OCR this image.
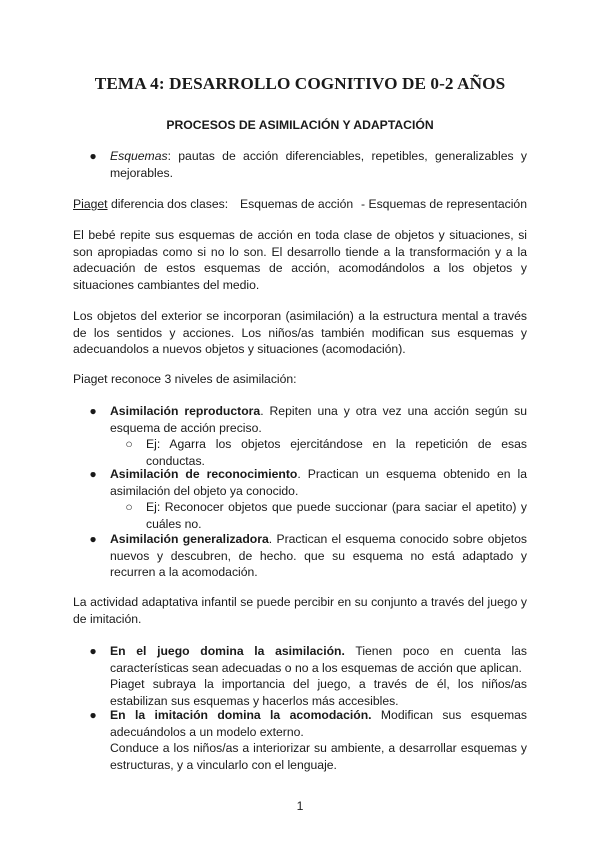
TEMA 4: DESARROLLO COGNITIVO DE 0-2 AÑOS
PROCESOS DE ASIMILACIÓN Y ADAPTACIÓN
● Esquemas: pautas de acción diferenciables, repetibles, generalizables y mejorables.

Piaget diferencia dos clases: Esquemas de acción - Esquemas de representación

El bebé repite sus esquemas de acción en toda clase de objetos y situaciones, si son apropiadas como si no lo son. El desarrollo tiende a la transformación y a la adecuación de estos esquemas de acción, acomodándolos a los objetos y situaciones cambiantes del medio.

Los objetos del exterior se incorporan (asimilación) a la estructura mental a través de los sentidos y acciones. Los niños/as también modifican sus esquemas y adecuandolos a nuevos objetos y situaciones (acomodación).

Piaget reconoce 3 niveles de asimilación:

● Asimilación reproductora. Repiten una y otra vez una acción según su esquema de acción preciso.

○ Ej: Agarra los objetos ejercitándose en la repetición de esas conductas.

● Asimilación de reconocimiento. Practican un esquema obtenido en la asimilación del objeto ya conocido.

○ Ej: Reconocer objetos que puede succionar (para saciar el apetito) y cuáles no.

● Asimilación generalizadora. Practican el esquema conocido sobre objetos nuevos y descubren, de hecho. que su esquema no está adaptado y recurren a la acomodación.

La actividad adaptativa infantil se puede percibir en su conjunto a través del juego y de imitación.

● En el juego domina la asimilación. Tienen poco en cuenta las características sean adecuadas o no a los esquemas de acción que aplican.

Piaget subraya la importancia del juego, a través de él, los niños/as estabilizan sus esquemas y hacerlos más accesibles.

● En la imitación domina la acomodación. Modifican sus esquemas adecuándolos a un modelo externo.

Conduce a los niños/as a interiorizar su ambiente, a desarrollar esquemas y estructuras, y a vincularlo con el lenguaje.

1
